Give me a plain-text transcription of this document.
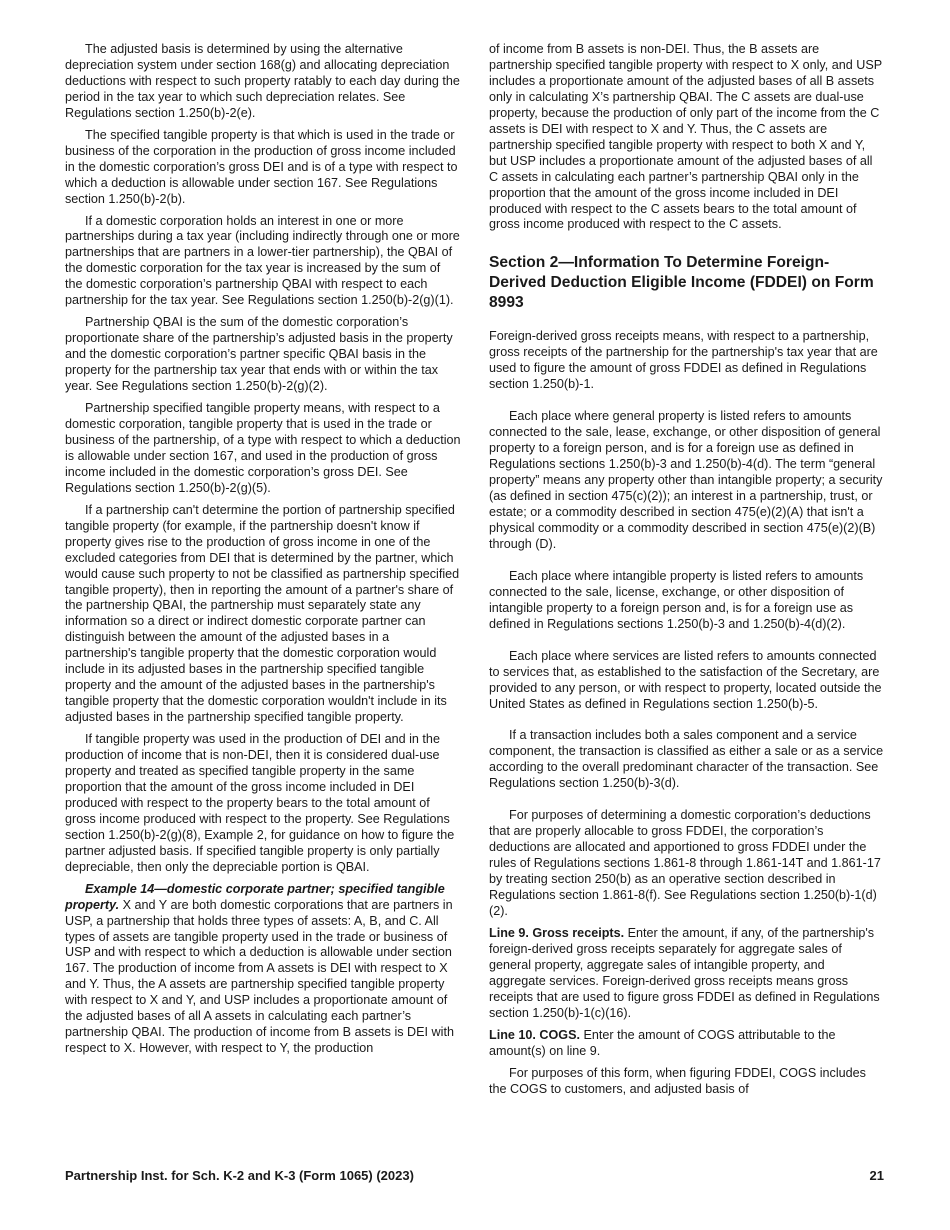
The adjusted basis is determined by using the alternative depreciation system under section 168(g) and allocating depreciation deductions with respect to such property ratably to each day during the period in the tax year to which such depreciation relates. See Regulations section 1.250(b)-2(e).

The specified tangible property is that which is used in the trade or business of the corporation in the production of gross income included in the domestic corporation’s gross DEI and is of a type with respect to which a deduction is allowable under section 167. See Regulations section 1.250(b)-2(b).

If a domestic corporation holds an interest in one or more partnerships during a tax year (including indirectly through one or more partnerships that are partners in a lower-tier partnership), the QBAI of the domestic corporation for the tax year is increased by the sum of the domestic corporation’s partnership QBAI with respect to each partnership for the tax year. See Regulations section 1.250(b)-2(g)(1).

Partnership QBAI is the sum of the domestic corporation’s proportionate share of the partnership’s adjusted basis in the property and the domestic corporation’s partner specific QBAI basis in the property for the partnership tax year that ends with or within the tax year. See Regulations section 1.250(b)-2(g)(2).

Partnership specified tangible property means, with respect to a domestic corporation, tangible property that is used in the trade or business of the partnership, of a type with respect to which a deduction is allowable under section 167, and used in the production of gross income included in the domestic corporation’s gross DEI. See Regulations section 1.250(b)-2(g)(5).

If a partnership can't determine the portion of partnership specified tangible property (for example, if the partnership doesn't know if property gives rise to the production of gross income in one of the excluded categories from DEI that is determined by the partner, which would cause such property to not be classified as partnership specified tangible property), then in reporting the amount of a partner's share of the partnership QBAI, the partnership must separately state any information so a direct or indirect domestic corporate partner can distinguish between the amount of the adjusted bases in a partnership's tangible property that the domestic corporation would include in its adjusted bases in the partnership specified tangible property and the amount of the adjusted bases in the partnership's tangible property that the domestic corporation wouldn't include in its adjusted bases in the partnership specified tangible property.

If tangible property was used in the production of DEI and in the production of income that is non-DEI, then it is considered dual-use property and treated as specified tangible property in the same proportion that the amount of the gross income included in DEI produced with respect to the property bears to the total amount of gross income produced with respect to the property. See Regulations section 1.250(b)-2(g)(8), Example 2, for guidance on how to figure the partner adjusted basis. If specified tangible property is only partially depreciable, then only the depreciable portion is QBAI.

Example 14—domestic corporate partner; specified tangible property. X and Y are both domestic corporations that are partners in USP, a partnership that holds three types of assets: A, B, and C. All types of assets are tangible property used in the trade or business of USP and with respect to which a deduction is allowable under section 167. The production of income from A assets is DEI with respect to X and Y. Thus, the A assets are partnership specified tangible property with respect to X and Y, and USP includes a proportionate amount of the adjusted bases of all A assets in calculating each partner’s partnership QBAI. The production of income from B assets is DEI with respect to X. However, with respect to Y, the production

of income from B assets is non-DEI. Thus, the B assets are partnership specified tangible property with respect to X only, and USP includes a proportionate amount of the adjusted bases of all B assets only in calculating X’s partnership QBAI. The C assets are dual-use property, because the production of only part of the income from the C assets is DEI with respect to X and Y. Thus, the C assets are partnership specified tangible property with respect to both X and Y, but USP includes a proportionate amount of the adjusted bases of all C assets in calculating each partner’s partnership QBAI only in the proportion that the amount of the gross income included in DEI produced with respect to the C assets bears to the total amount of gross income produced with respect to the C assets.

Section 2—Information To Determine Foreign-Derived Deduction Eligible Income (FDDEI) on Form 8993

Foreign-derived gross receipts means, with respect to a partnership, gross receipts of the partnership for the partnership's tax year that are used to figure the amount of gross FDDEI as defined in Regulations section 1.250(b)-1.

Each place where general property is listed refers to amounts connected to the sale, lease, exchange, or other disposition of general property to a foreign person, and is for a foreign use as defined in Regulations sections 1.250(b)-3 and 1.250(b)-4(d). The term “general property” means any property other than intangible property; a security (as defined in section 475(c)(2)); an interest in a partnership, trust, or estate; or a commodity described in section 475(e)(2)(A) that isn't a physical commodity or a commodity described in section 475(e)(2)(B) through (D).

Each place where intangible property is listed refers to amounts connected to the sale, license, exchange, or other disposition of intangible property to a foreign person and, is for a foreign use as defined in Regulations sections 1.250(b)-3 and 1.250(b)-4(d)(2).

Each place where services are listed refers to amounts connected to services that, as established to the satisfaction of the Secretary, are provided to any person, or with respect to property, located outside the United States as defined in Regulations section 1.250(b)-5.

If a transaction includes both a sales component and a service component, the transaction is classified as either a sale or as a service according to the overall predominant character of the transaction. See Regulations section 1.250(b)-3(d).

For purposes of determining a domestic corporation’s deductions that are properly allocable to gross FDDEI, the corporation’s deductions are allocated and apportioned to gross FDDEI under the rules of Regulations sections 1.861-8 through 1.861-14T and 1.861-17 by treating section 250(b) as an operative section described in Regulations section 1.861-8(f). See Regulations section 1.250(b)-1(d)(2).

Line 9. Gross receipts. Enter the amount, if any, of the partnership's foreign-derived gross receipts separately for aggregate sales of general property, aggregate sales of intangible property, and aggregate services. Foreign-derived gross receipts means gross receipts that are used to figure gross FDDEI as defined in Regulations section 1.250(b)-1(c)(16).

Line 10. COGS. Enter the amount of COGS attributable to the amount(s) on line 9.

For purposes of this form, when figuring FDDEI, COGS includes the COGS to customers, and adjusted basis of

Partnership Inst. for Sch. K-2 and K-3 (Form 1065) (2023)	21
